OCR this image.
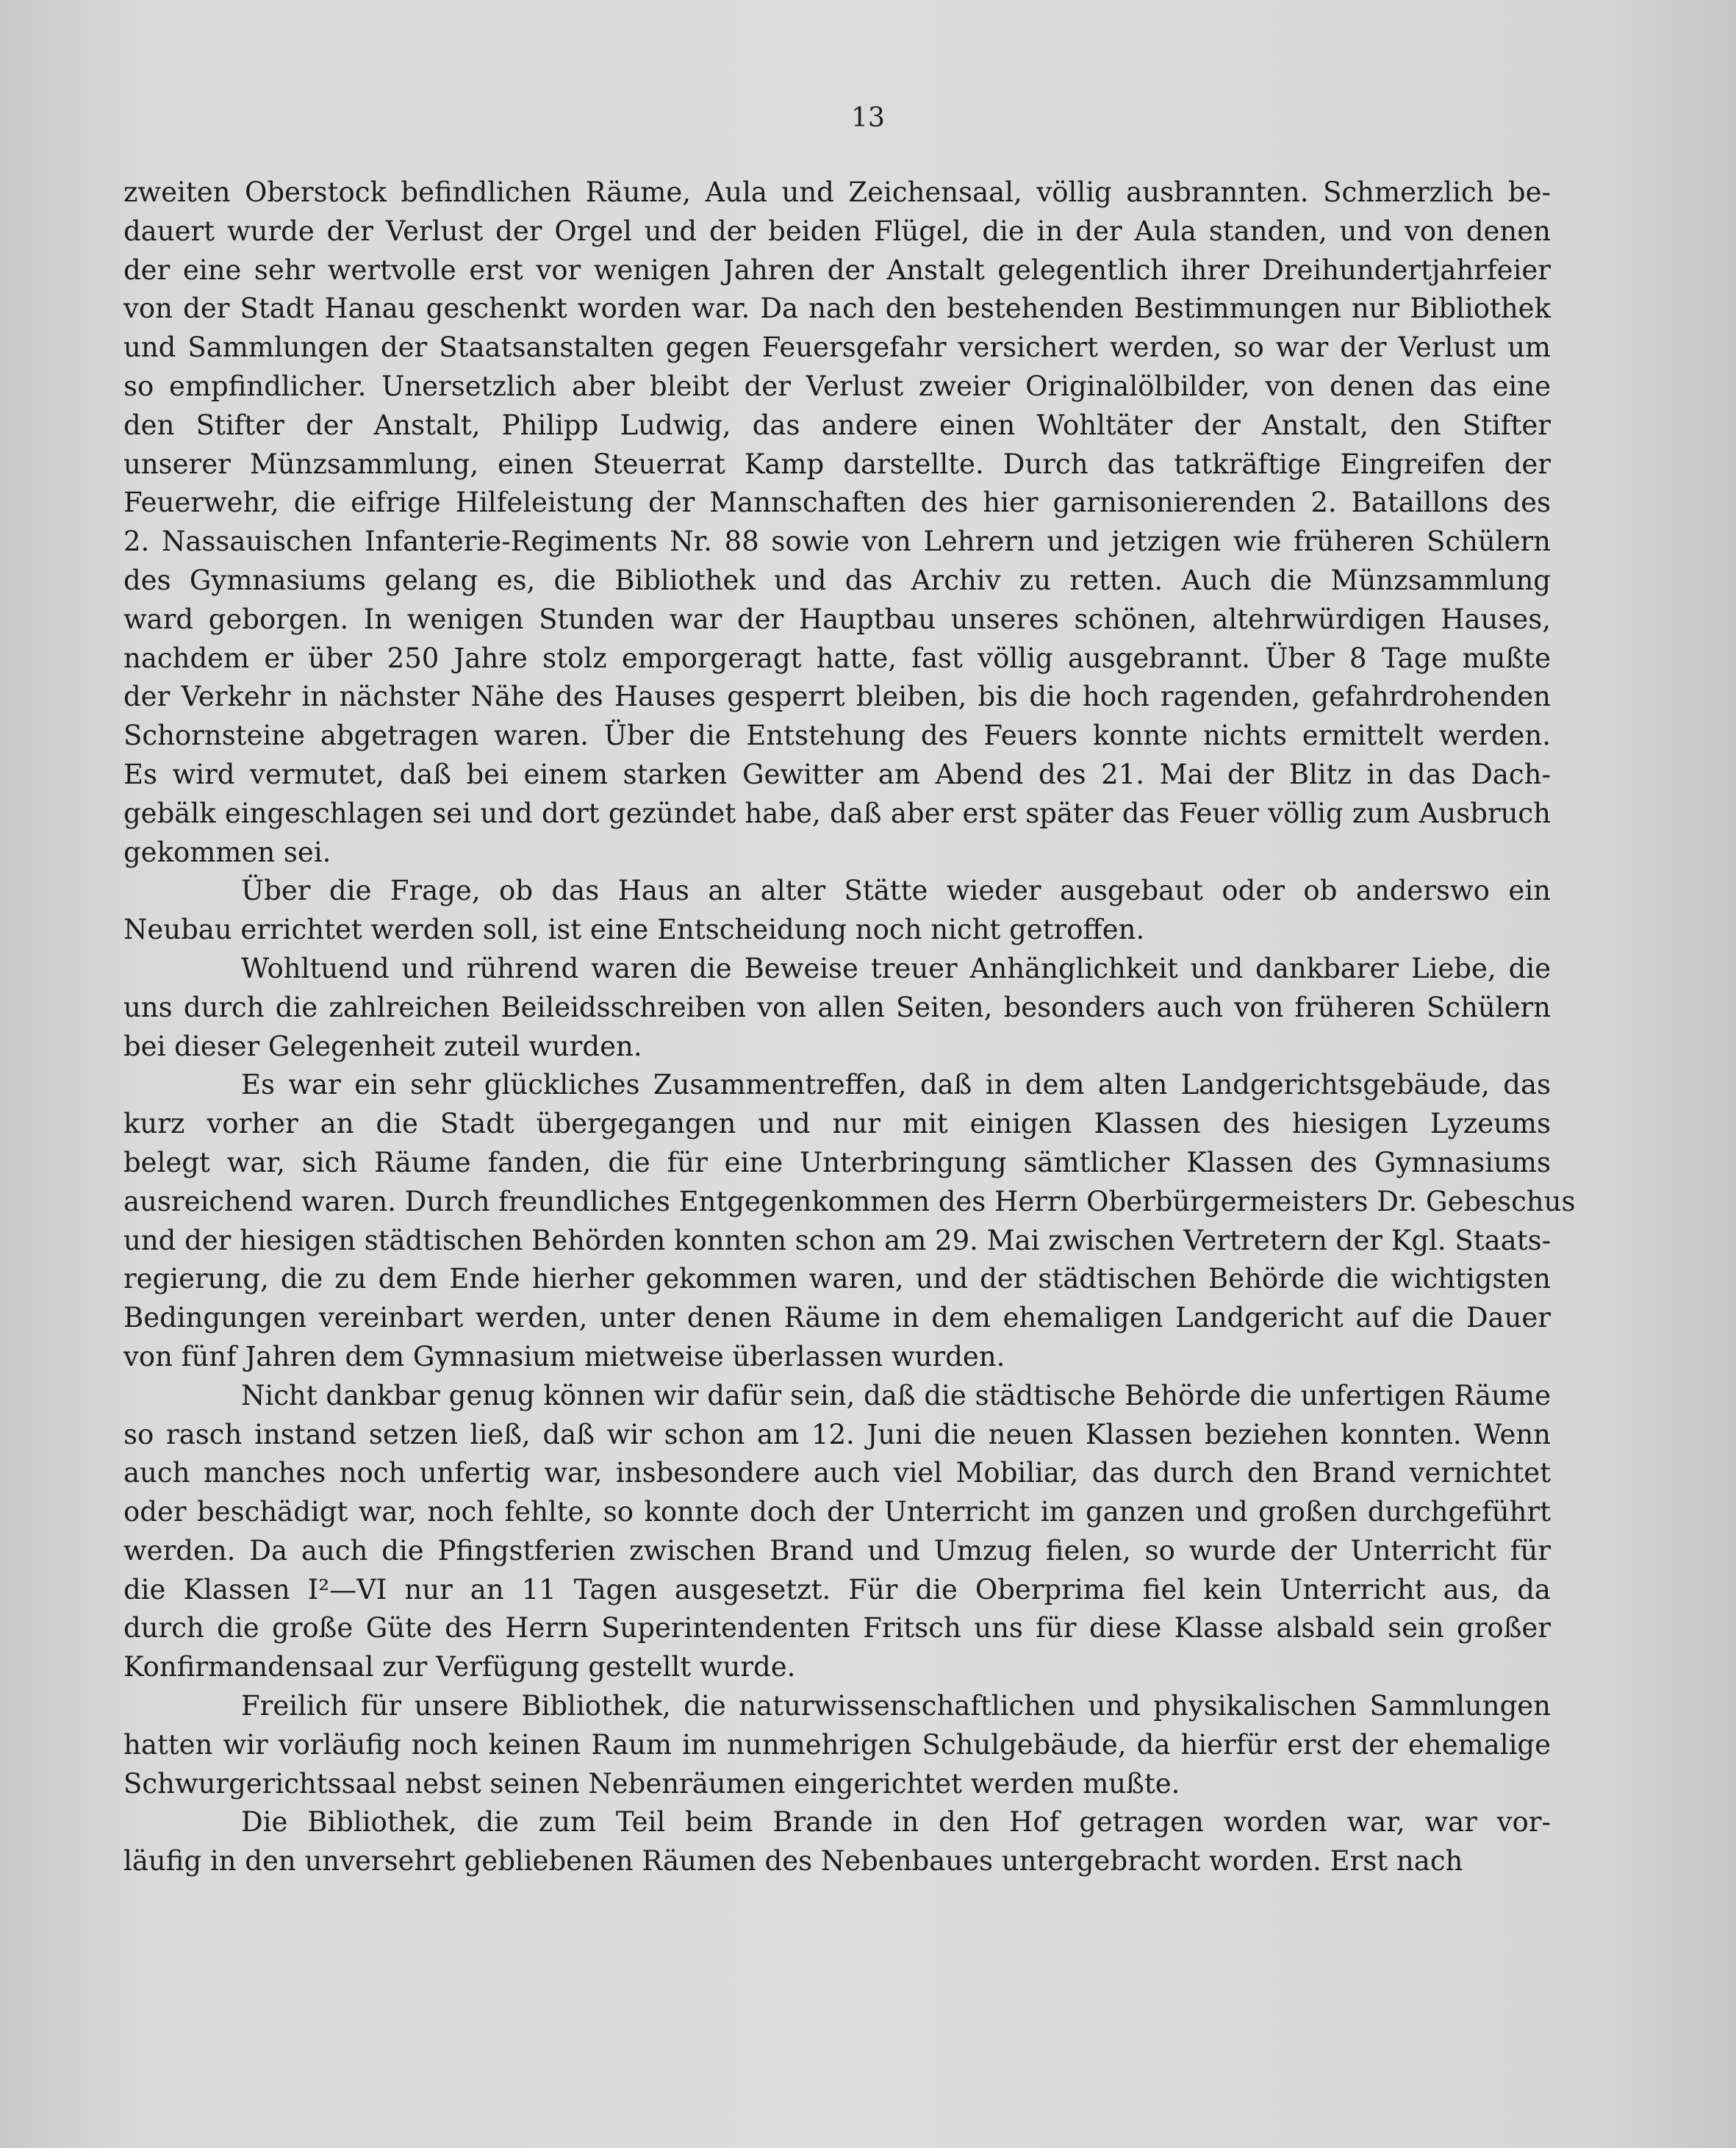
13

zweiten Oberstock befindlichen Räume, Aula und Zeichensaal, völlig ausbrannten. Schmerzlich be-
dauert wurde der Verlust der Orgel und der beiden Flügel, die in der Aula standen, und von denen
der eine sehr wertvolle erst vor wenigen Jahren der Anstalt gelegentlich ihrer Dreihundertjahrfeier
von der Stadt Hanau geschenkt worden war. Da nach den bestehenden Bestimmungen nur Bibliothek
und Sammlungen der Staatsanstalten gegen Feuersgefahr versichert werden, so war der Verlust um
so empfindlicher. Unersetzlich aber bleibt der Verlust zweier Originalölbilder, von denen das eine
den Stifter der Anstalt, Philipp Ludwig, das andere einen Wohltäter der Anstalt, den Stifter
unserer Münzsammlung, einen Steuerrat Kamp darstellte. Durch das tatkräftige Eingreifen der
Feuerwehr, die eifrige Hilfeleistung der Mannschaften des hier garnisonierenden 2. Bataillons des
2. Nassauischen Infanterie-Regiments Nr. 88 sowie von Lehrern und jetzigen wie früheren Schülern
des Gymnasiums gelang es, die Bibliothek und das Archiv zu retten. Auch die Münzsammlung
ward geborgen. In wenigen Stunden war der Hauptbau unseres schönen, altehrwürdigen Hauses,
nachdem er über 250 Jahre stolz emporgeragt hatte, fast völlig ausgebrannt. Über 8 Tage mußte
der Verkehr in nächster Nähe des Hauses gesperrt bleiben, bis die hoch ragenden, gefahrdrohenden
Schornsteine abgetragen waren. Über die Entstehung des Feuers konnte nichts ermittelt werden.
Es wird vermutet, daß bei einem starken Gewitter am Abend des 21. Mai der Blitz in das Dach-
gebälk eingeschlagen sei und dort gezündet habe, daß aber erst später das Feuer völlig zum Ausbruch
gekommen sei.

Über die Frage, ob das Haus an alter Stätte wieder ausgebaut oder ob anderswo ein
Neubau errichtet werden soll, ist eine Entscheidung noch nicht getroffen.

Wohltuend und rührend waren die Beweise treuer Anhänglichkeit und dankbarer Liebe, die
uns durch die zahlreichen Beileidsschreiben von allen Seiten, besonders auch von früheren Schülern
bei dieser Gelegenheit zuteil wurden.

Es war ein sehr glückliches Zusammentreffen, daß in dem alten Landgerichtsgebäude, das
kurz vorher an die Stadt übergegangen und nur mit einigen Klassen des hiesigen Lyzeums
belegt war, sich Räume fanden, die für eine Unterbringung sämtlicher Klassen des Gymnasiums
ausreichend waren. Durch freundliches Entgegenkommen des Herrn Oberbürgermeisters Dr. Gebeschus
und der hiesigen städtischen Behörden konnten schon am 29. Mai zwischen Vertretern der Kgl. Staats-
regierung, die zu dem Ende hierher gekommen waren, und der städtischen Behörde die wichtigsten
Bedingungen vereinbart werden, unter denen Räume in dem ehemaligen Landgericht auf die Dauer
von fünf Jahren dem Gymnasium mietweise überlassen wurden.

Nicht dankbar genug können wir dafür sein, daß die städtische Behörde die unfertigen Räume
so rasch instand setzen ließ, daß wir schon am 12. Juni die neuen Klassen beziehen konnten. Wenn
auch manches noch unfertig war, insbesondere auch viel Mobiliar, das durch den Brand vernichtet
oder beschädigt war, noch fehlte, so konnte doch der Unterricht im ganzen und großen durchgeführt
werden. Da auch die Pfingstferien zwischen Brand und Umzug fielen, so wurde der Unterricht für
die Klassen I²—VI nur an 11 Tagen ausgesetzt. Für die Oberprima fiel kein Unterricht aus, da
durch die große Güte des Herrn Superintendenten Fritsch uns für diese Klasse alsbald sein großer
Konfirmandensaal zur Verfügung gestellt wurde.

Freilich für unsere Bibliothek, die naturwissenschaftlichen und physikalischen Sammlungen
hatten wir vorläufig noch keinen Raum im nunmehrigen Schulgebäude, da hierfür erst der ehemalige
Schwurgerichtssaal nebst seinen Nebenräumen eingerichtet werden mußte.

Die Bibliothek, die zum Teil beim Brande in den Hof getragen worden war, war vor-
läufig in den unversehrt gebliebenen Räumen des Nebenbaues untergebracht worden. Erst nach
